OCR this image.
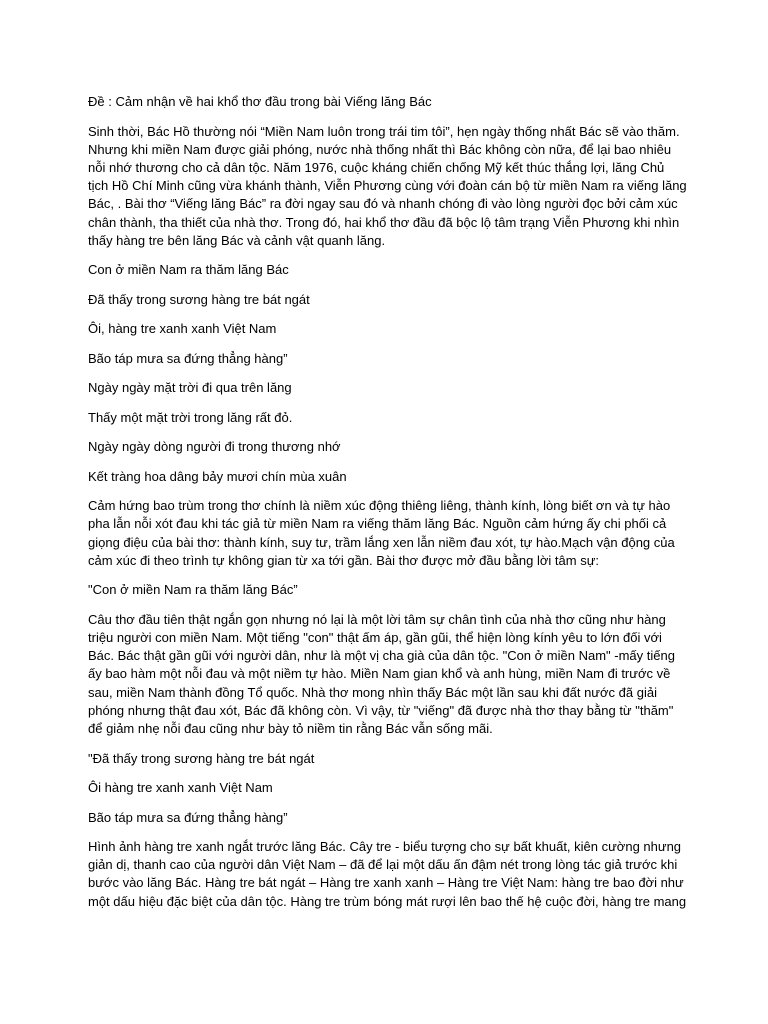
Đề : Cảm nhận về hai khổ thơ đầu trong bài Viếng lăng Bác

Sinh thời, Bác Hồ thường nói “Miền Nam luôn trong trái tim tôi”, hẹn ngày thống nhất Bác sẽ vào thăm. Nhưng khi miền Nam được giải phóng, nước nhà thống nhất thì Bác không còn nữa, để lại bao nhiêu nỗi nhớ thương cho cả dân tộc. Năm 1976, cuộc kháng chiến chống Mỹ kết thúc thắng lợi, lăng Chủ tịch Hồ Chí Minh cũng vừa khánh thành, Viễn Phương cùng với đoàn cán bộ từ miền Nam ra viếng lăng Bác, . Bài thơ “Viếng lăng Bác” ra đời ngay sau đó và nhanh chóng đi vào lòng người đọc bởi cảm xúc chân thành, tha thiết của nhà thơ. Trong đó, hai khổ thơ đầu đã bộc lộ tâm trạng Viễn Phương khi nhìn thấy hàng tre bên lăng Bác và cảnh vật quanh lăng.

Con ở miền Nam ra thăm lăng Bác

Đã thấy trong sương hàng tre bát ngát

Ôi, hàng tre xanh xanh Việt Nam

Bão táp mưa sa đứng thẳng hàng”

Ngày ngày mặt trời đi qua trên lăng

Thấy một mặt trời trong lăng rất đỏ.

Ngày ngày dòng người đi trong thương nhớ

Kết tràng hoa dâng bảy mươi chín mùa xuân

Cảm hứng bao trùm trong thơ chính là niềm xúc động thiêng liêng, thành kính, lòng biết ơn và tự hào pha lẫn nỗi xót đau khi tác giả từ miền Nam ra viếng thăm lăng Bác. Nguồn cảm hứng ấy chi phối cả giọng điệu của bài thơ: thành kính, suy tư, trầm lắng xen lẫn niềm đau xót, tự hào.Mạch vận động của cảm xúc đi theo trình tự không gian từ xa tới gần. Bài thơ được mở đầu bằng lời tâm sự:

"Con ở miền Nam ra thăm lăng Bác”

Câu thơ đầu tiên thật ngắn gọn nhưng nó lại là một lời tâm sự chân tình của nhà thơ cũng như hàng triệu người con miền Nam. Một tiếng "con" thật ấm áp, gần gũi, thể hiện lòng kính yêu to lớn đối với Bác. Bác thật gần gũi với người dân, như là một vị cha già của dân tộc. "Con ở miền Nam" -mấy tiếng ấy bao hàm một nỗi đau và một niềm tự hào. Miền Nam gian khổ và anh hùng, miền Nam đi trước về sau, miền Nam thành đồng Tổ quốc. Nhà thơ mong nhìn thấy Bác một lần sau khi đất nước đã giải phóng nhưng thật đau xót, Bác đã không còn. Vì vậy, từ "viếng" đã được nhà thơ thay bằng từ "thăm" để giảm nhẹ nỗi đau cũng như bày tỏ niềm tin rằng Bác vẫn sống mãi.

"Đã thấy trong sương hàng tre bát ngát

Ôi hàng tre xanh xanh Việt Nam

Bão táp mưa sa đứng thẳng hàng”

Hình ảnh hàng tre xanh ngắt trước lăng Bác. Cây tre - biểu tượng cho sự bất khuất, kiên cường nhưng giản dị, thanh cao của người dân Việt Nam – đã để lại một dấu ấn đậm nét trong lòng tác giả trước khi bước vào lăng Bác. Hàng tre bát ngát – Hàng tre xanh xanh – Hàng tre Việt Nam: hàng tre bao đời như một dấu hiệu đặc biệt của dân tộc. Hàng tre trùm bóng mát rượi lên bao thế hệ cuộc đời, hàng tre mang
